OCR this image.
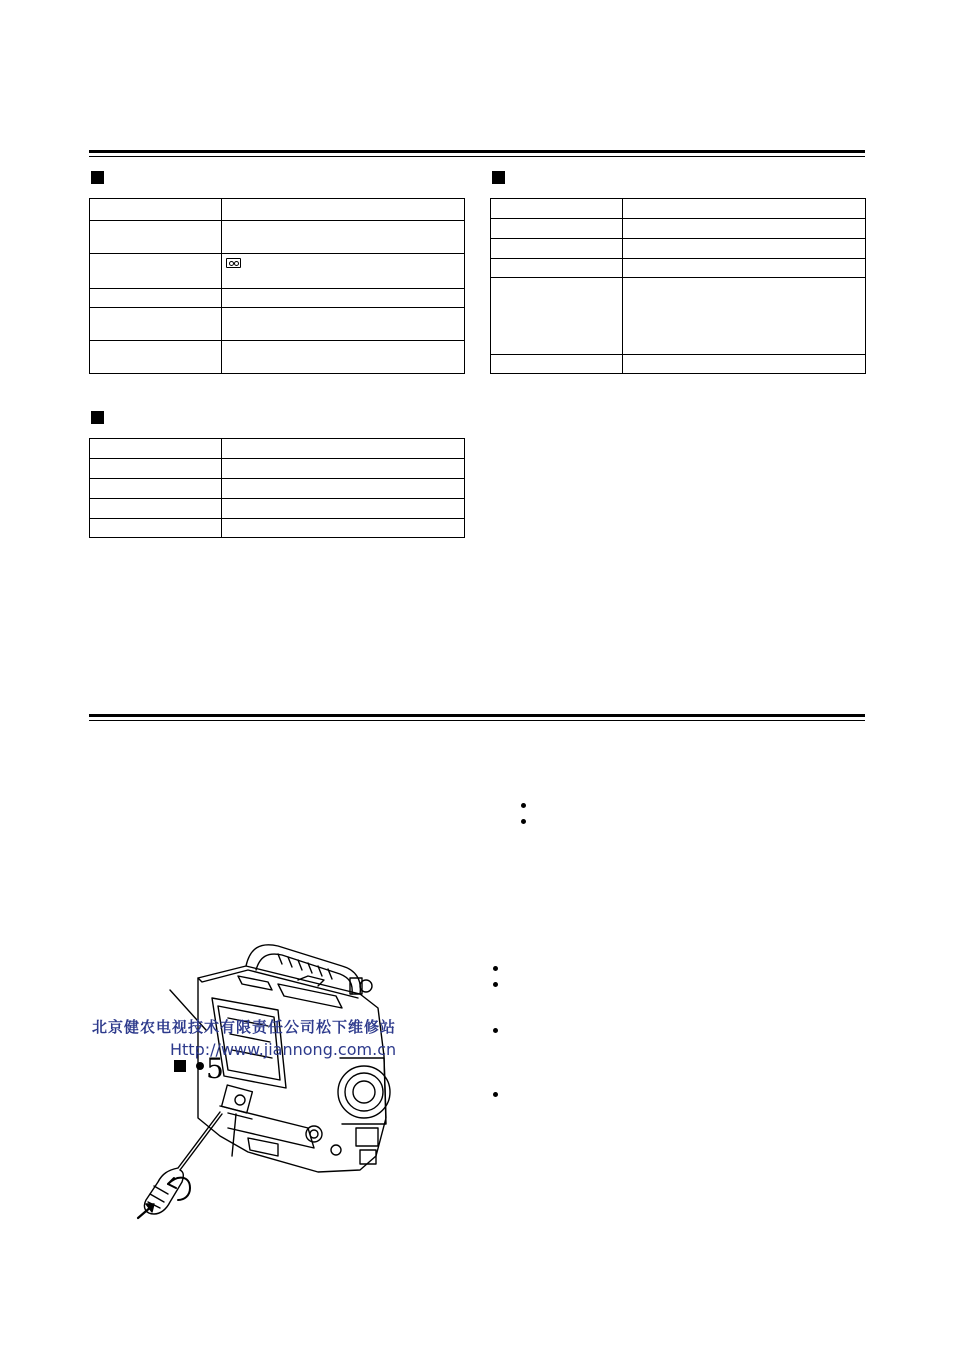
5
北京健农电视技术有限责任公司松下维修站
Http://www.jiannong.com.cn
